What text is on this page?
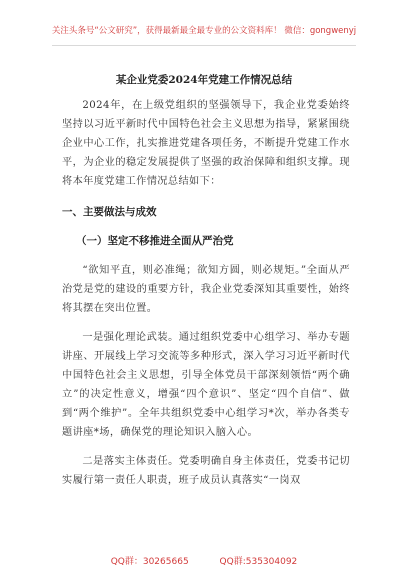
关注头条号“公文研究”，获得最新最全最专业的公文资料库！ 微信：gongwenyj
某企业党委2024年党建工作情况总结

2024年，在上级党组织的坚强领导下，我企业党委始终坚持以习近平新时代中国特色社会主义思想为指导，紧紧围绕企业中心工作，扎实推进党建各项任务，不断提升党建工作水平，为企业的稳定发展提供了坚强的政治保障和组织支撑。现将本年度党建工作情况总结如下：

一、主要做法与成效
（一）坚定不移推进全面从严治党

“欲知平直，则必准绳；欲知方圆，则必规矩。”全面从严治党是党的建设的重要方针，我企业党委深知其重要性，始终将其摆在突出位置。

一是强化理论武装。通过组织党委中心组学习、举办专题讲座、开展线上学习交流等多种形式，深入学习习近平新时代中国特色社会主义思想，引导全体党员干部深刻领悟“两个确立”的决定性意义，增强“四个意识”、坚定“四个自信”、做到“两个维护”。全年共组织党委中心组学习*次，举办各类专题讲座*场，确保党的理论知识入脑入心。

二是落实主体责任。党委明确自身主体责任，党委书记切实履行第一责任人职责，班子成员认真落实“一岗双

QQ群：30265665	QQ群:535304092
